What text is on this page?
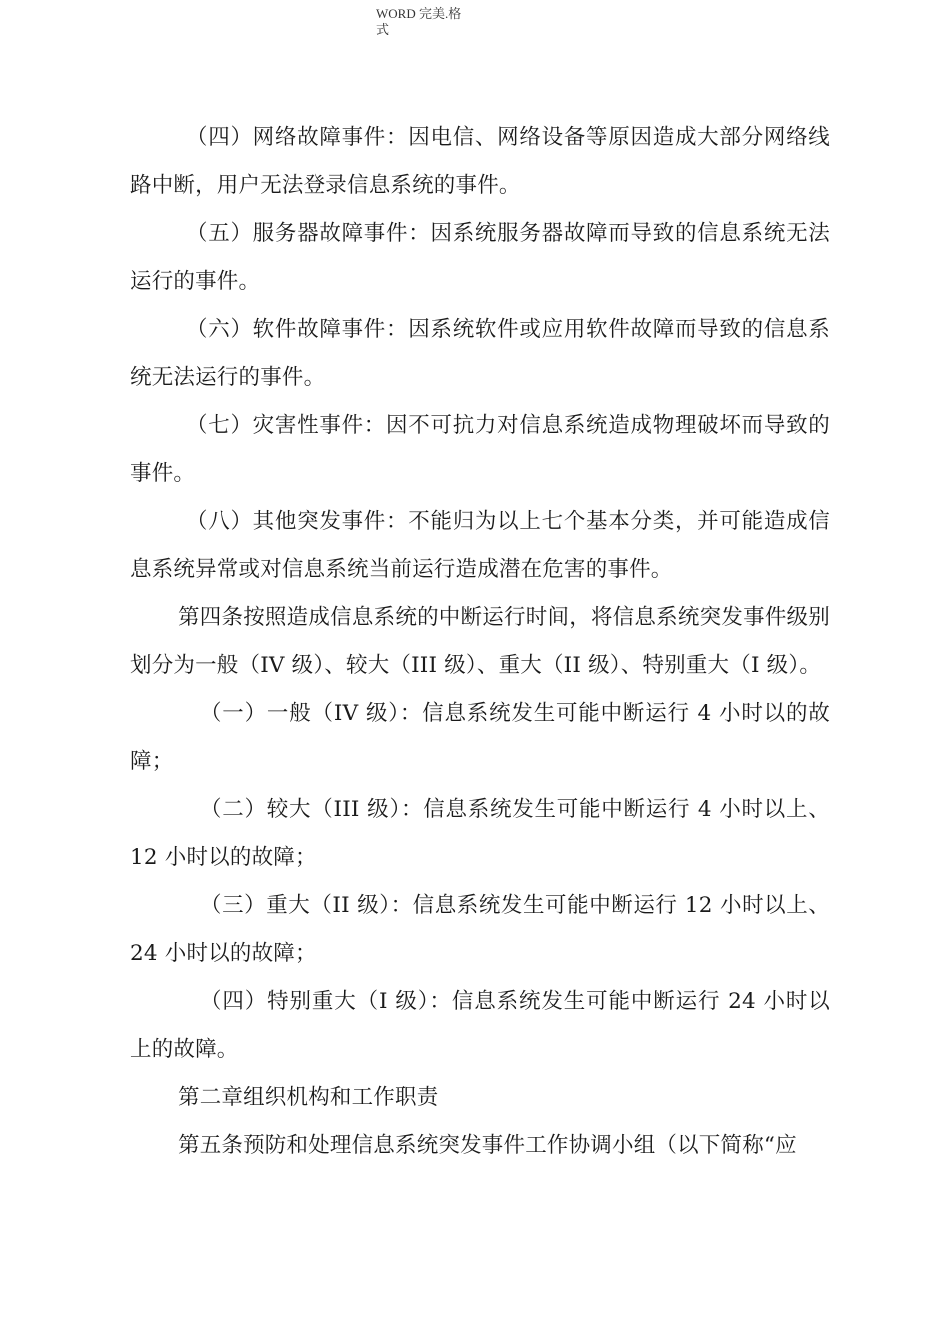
WORD 完美.格
式

（四）网络故障事件：因电信、网络设备等原因造成大部分网络线路中断，用户无法登录信息系统的事件。

（五）服务器故障事件：因系统服务器故障而导致的信息系统无法运行的事件。

（六）软件故障事件：因系统软件或应用软件故障而导致的信息系统无法运行的事件。

（七）灾害性事件：因不可抗力对信息系统造成物理破坏而导致的事件。

（八）其他突发事件：不能归为以上七个基本分类，并可能造成信息系统异常或对信息系统当前运行造成潜在危害的事件。

第四条按照造成信息系统的中断运行时间，将信息系统突发事件级别划分为一般（IV 级）、较大（III 级）、重大（II 级）、特别重大（I 级）。

（一）一般（IV 级）：信息系统发生可能中断运行 4 小时以的故障；

（二）较大（III 级）：信息系统发生可能中断运行 4 小时以上、12 小时以的故障；

（三）重大（II 级）：信息系统发生可能中断运行 12 小时以上、24 小时以的故障；

（四）特别重大（I 级）：信息系统发生可能中断运行 24 小时以上的故障。

第二章组织机构和工作职责

第五条预防和处理信息系统突发事件工作协调小组（以下简称“应
